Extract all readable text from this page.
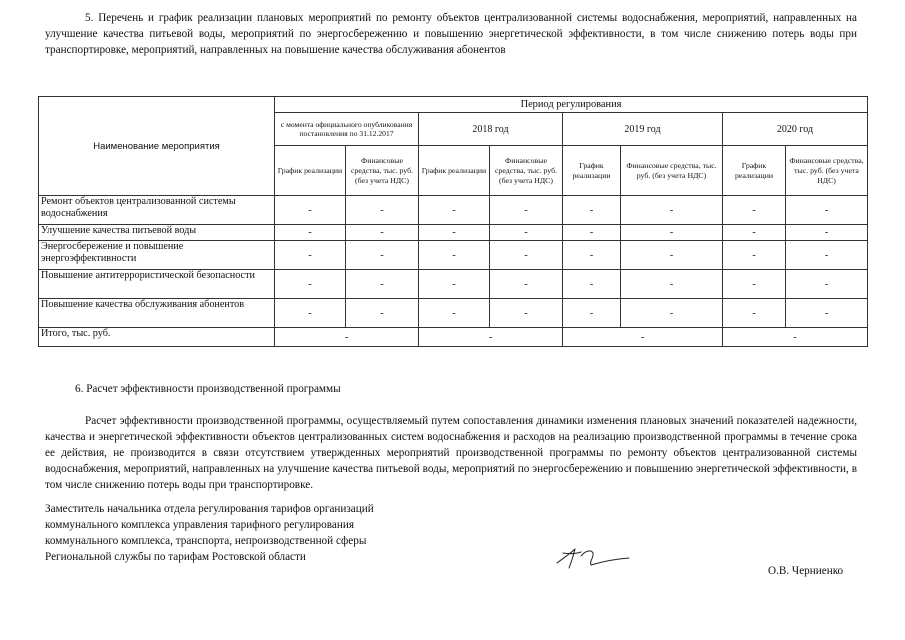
5. Перечень и график реализации плановых мероприятий по ремонту объектов централизованной системы водоснабжения, мероприятий, направленных на улучшение качества питьевой воды, мероприятий по энергосбережению и повышению энергетической эффективности, в том числе снижению потерь воды при транспортировке, мероприятий, направленных на повышение качества обслуживания абонентов
Наименование мероприятия	Период регулирования							
	с момента официального опубликования постановления по 31.12.2017		2018 год		2019 год		2020 год	
	График реализации	Финансовые средства, тыс. руб. (без учета НДС)	График реализации	Финансовые средства, тыс. руб. (без учета НДС)	График реализации	Финансовые средства, тыс. руб. (без учета НДС)	График реализации	Финансовые средства, тыс. руб. (без учета НДС)
Ремонт объектов централизованной системы водоснабжения	-	-	-	-	-	-	-	-
Улучшение качества питьевой воды	-	-	-	-	-	-	-	-
Энергосбережение и повышение энергоэффективности	-	-	-	-	-	-	-	-
Повышение антитеррористической безопасности	-	-	-	-	-	-	-	-
Повышение качества обслуживания абонентов	-	-	-	-	-	-	-	-
Итого, тыс. руб.	-		-		-		-	
6. Расчет эффективности производственной программы
Расчет эффективности производственной программы, осуществляемый путем сопоставления динамики изменения плановых значений показателей надежности, качества и энергетической эффективности объектов централизованных систем водоснабжения и расходов на реализацию производственной программы в течение срока ее действия, не производится в связи отсутствием утвержденных мероприятий производственной программы по ремонту объектов централизованной системы водоснабжения, мероприятий, направленных на улучшение качества питьевой воды, мероприятий по энергосбережению и повышению энергетической эффективности, в том числе снижению потерь воды при транспортировке.
Заместитель начальника отдела регулирования тарифов организаций коммунального комплекса управления тарифного регулирования коммунального комплекса, транспорта, непроизводственной сферы Региональной службы по тарифам Ростовской области
О.В. Черниенко
